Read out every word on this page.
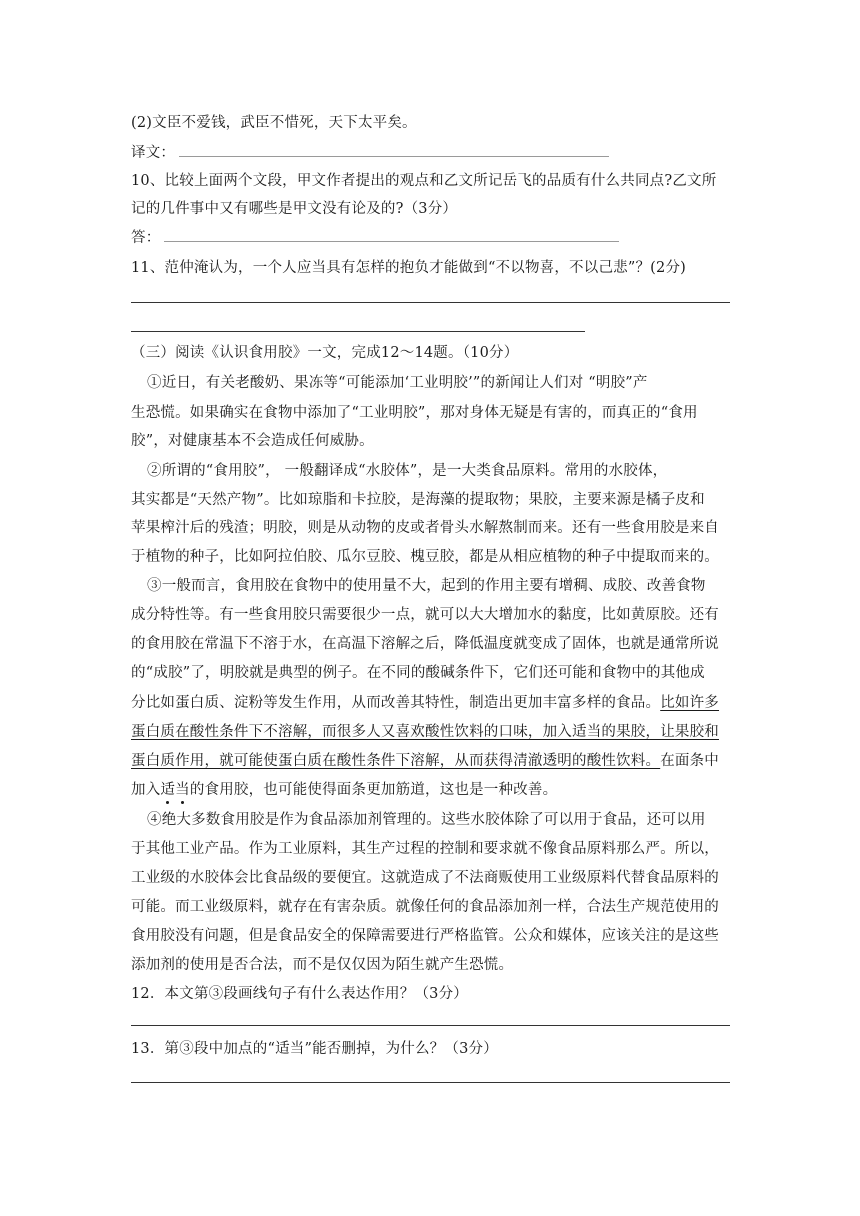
(2)文臣不爱钱，武臣不惜死，天下太平矣。
译文：
10、比较上面两个文段，甲文作者提出的观点和乙文所记岳飞的品质有什么共同点?乙文所
记的几件事中又有哪些是甲文没有论及的?（3分）
答：
11、范仲淹认为，一个人应当具有怎样的抱负才能做到“不以物喜，不以己悲”？(2分)
（三）阅读《认识食用胶》一文，完成12～14题。（10分）
①近日，有关老酸奶、果冻等“可能添加‘工业明胶’”的新闻让人们对 “明胶”产
生恐慌。如果确实在食物中添加了“工业明胶”，那对身体无疑是有害的，而真正的“食用
胶”，对健康基本不会造成任何威胁。
②所谓的“食用胶”， 一般翻译成“水胶体”，是一大类食品原料。常用的水胶体，
其实都是“天然产物”。比如琼脂和卡拉胶，是海藻的提取物；果胶，主要来源是橘子皮和
苹果榨汁后的残渣；明胶，则是从动物的皮或者骨头水解熬制而来。还有一些食用胶是来自
于植物的种子，比如阿拉伯胶、瓜尔豆胶、槐豆胶，都是从相应植物的种子中提取而来的。
③一般而言，食用胶在食物中的使用量不大，起到的作用主要有增稠、成胶、改善食物
成分特性等。有一些食用胶只需要很少一点，就可以大大增加水的黏度，比如黄原胶。还有
的食用胶在常温下不溶于水，在高温下溶解之后，降低温度就变成了固体，也就是通常所说
的“成胶”了，明胶就是典型的例子。在不同的酸碱条件下，它们还可能和食物中的其他成
分比如蛋白质、淀粉等发生作用，从而改善其特性，制造出更加丰富多样的食品。比如许多
蛋白质在酸性条件下不溶解，而很多人又喜欢酸性饮料的口味，加入适当的果胶，让果胶和
蛋白质作用，就可能使蛋白质在酸性条件下溶解，从而获得清澈透明的酸性饮料。在面条中
加入适当的食用胶，也可能使得面条更加筋道，这也是一种改善。
④绝大多数食用胶是作为食品添加剂管理的。这些水胶体除了可以用于食品，还可以用
于其他工业产品。作为工业原料，其生产过程的控制和要求就不像食品原料那么严。所以，
工业级的水胶体会比食品级的要便宜。这就造成了不法商贩使用工业级原料代替食品原料的
可能。而工业级原料，就存在有害杂质。就像任何的食品添加剂一样，合法生产规范使用的
食用胶没有问题，但是食品安全的保障需要进行严格监管。公众和媒体，应该关注的是这些
添加剂的使用是否合法，而不是仅仅因为陌生就产生恐慌。
12．本文第③段画线句子有什么表达作用？（3分）
13．第③段中加点的“适当”能否删掉，为什么？（3分）
